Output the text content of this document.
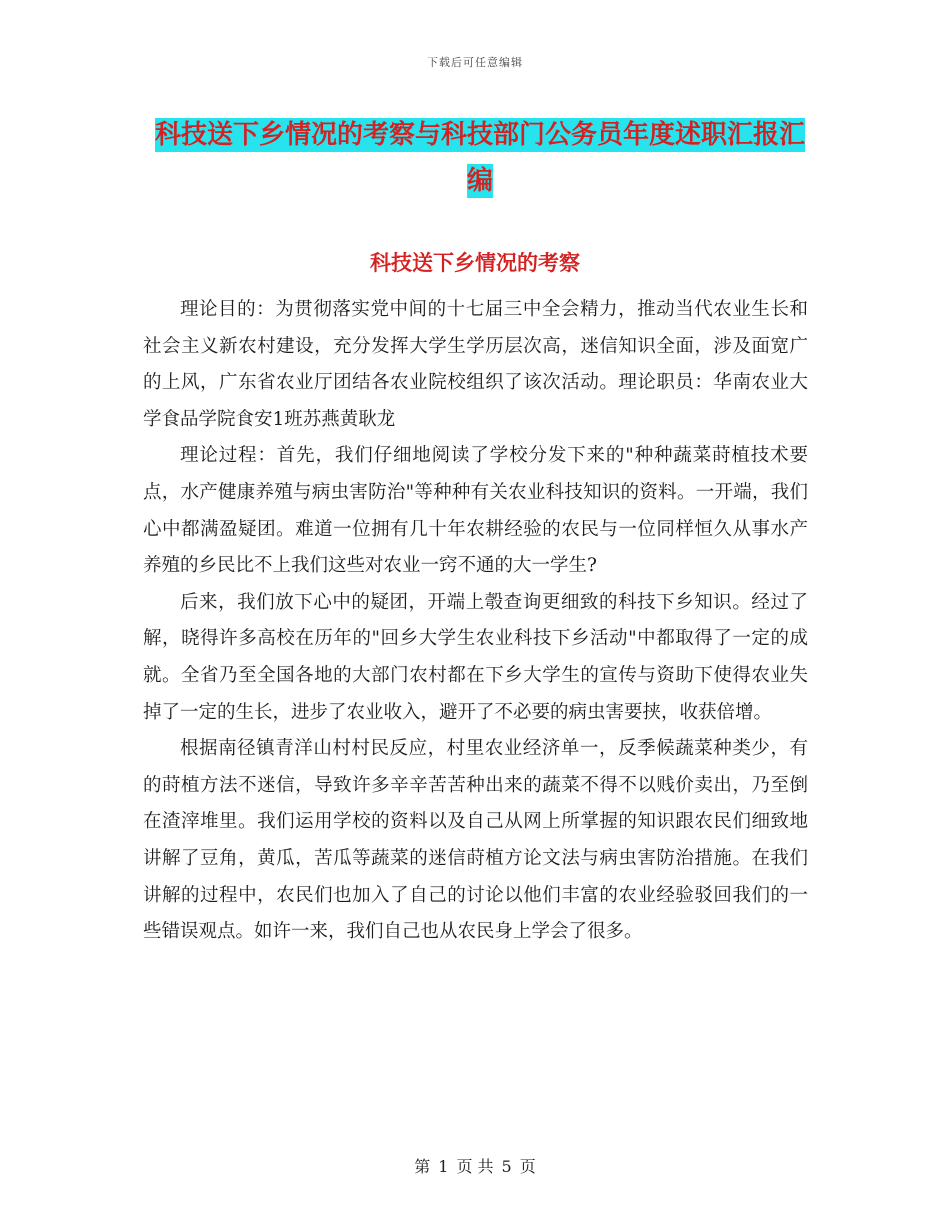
下载后可任意编辑
科技送下乡情况的考察与科技部门公务员年度述职汇报汇编
科技送下乡情况的考察

理论目的：为贯彻落实党中间的十七届三中全会精力，推动当代农业生长和社会主义新农村建设，充分发挥大学生学历层次高，迷信知识全面，涉及面宽广的上风，广东省农业厅团结各农业院校组织了该次活动。理论职员：华南农业大学食品学院食安1班苏燕黄耿龙

理论过程：首先，我们仔细地阅读了学校分发下来的"种种蔬菜莳植技术要点，水产健康养殖与病虫害防治"等种种有关农业科技知识的资料。一开端，我们心中都满盈疑团。难道一位拥有几十年农耕经验的农民与一位同样恒久从事水产养殖的乡民比不上我们这些对农业一窍不通的大一学生?

后来，我们放下心中的疑团，开端上彀查询更细致的科技下乡知识。经过了解，晓得许多高校在历年的"回乡大学生农业科技下乡活动"中都取得了一定的成就。全省乃至全国各地的大部门农村都在下乡大学生的宣传与资助下使得农业失掉了一定的生长，进步了农业收入，避开了不必要的病虫害要挟，收获倍增。

根据南径镇青洋山村村民反应，村里农业经济单一，反季候蔬菜种类少，有的莳植方法不迷信，导致许多辛辛苦苦种出来的蔬菜不得不以贱价卖出，乃至倒在渣滓堆里。我们运用学校的资料以及自己从网上所掌握的知识跟农民们细致地讲解了豆角，黄瓜，苦瓜等蔬菜的迷信莳植方论文法与病虫害防治措施。在我们讲解的过程中，农民们也加入了自己的讨论以他们丰富的农业经验驳回我们的一些错误观点。如许一来，我们自己也从农民身上学会了很多。

第 1 页 共 5 页
